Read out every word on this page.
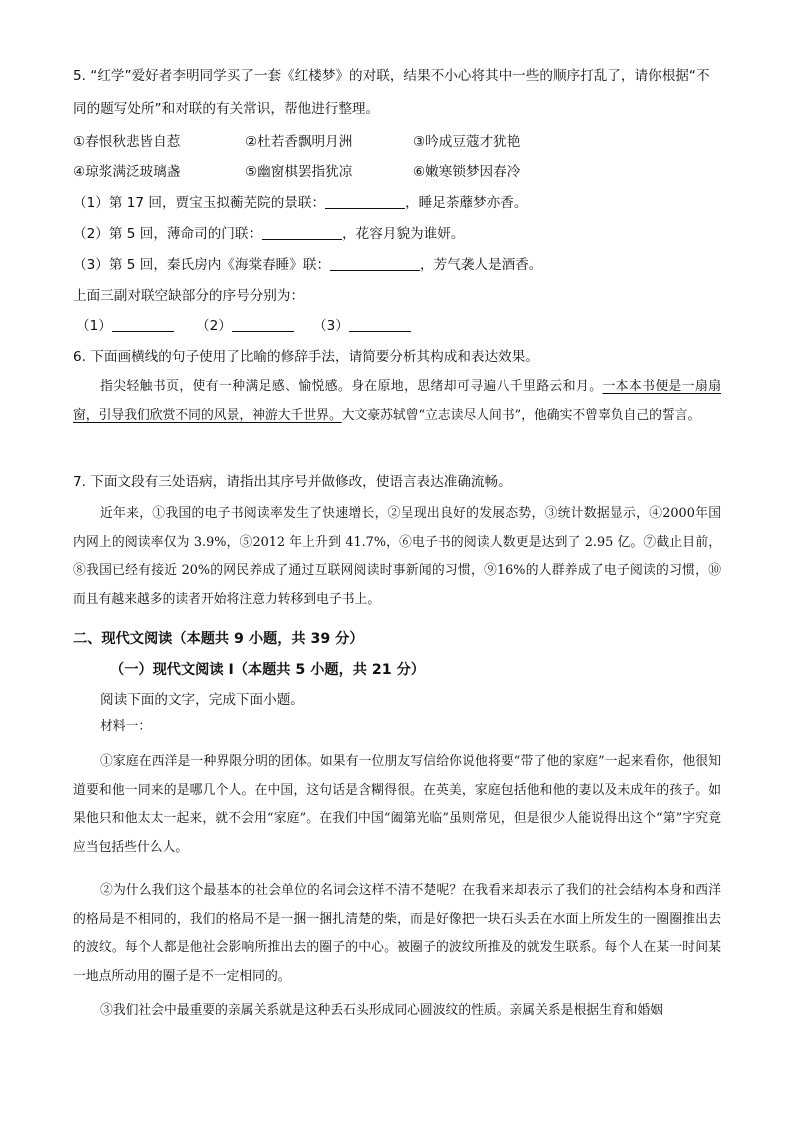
5. “红学”爱好者李明同学买了一套《红楼梦》的对联，结果不小心将其中一些的顺序打乱了，请你根据“不
同的题写处所”和对联的有关常识，帮他进行整理。
①春恨秋悲皆自惹	②杜若香飘明月洲	③吟成豆蔻才犹艳
④琼浆满泛玻璃盏	⑤幽窗棋罢指犹凉	⑥嫩寒锁梦因春冷
（1）第 17 回，贾宝玉拟蘅芜院的景联：	，睡足荼蘼梦亦香。
（2）第 5 回，薄命司的门联：	，花容月貌为谁妍。
（3）第 5 回，秦氏房内《海棠春睡》联：	，芳气袭人是酒香。
上面三副对联空缺部分的序号分别为：
（1）	（2）	（3）
6. 下面画横线的句子使用了比喻的修辞手法，请简要分析其构成和表达效果。
指尖轻触书页，使有一种满足感、愉悦感。身在原地，思绪却可寻遍八千里路云和月。一本本书便是一扇扇窗，引导我们欣赏不同的风景，神游大千世界。大文豪苏轼曾“立志读尽人间书”，他确实不曾辜负自己的誓言。
7. 下面文段有三处语病，请指出其序号并做修改，使语言表达准确流畅。
近年来，①我国的电子书阅读率发生了快速增长，②呈现出良好的发展态势，③统计数据显示，④2000年国内网上的阅读率仅为 3.9%，⑤2012 年上升到 41.7%，⑥电子书的阅读人数更是达到了 2.95 亿。⑦截止目前，⑧我国已经有接近 20%的网民养成了通过互联网阅读时事新闻的习惯，⑨16%的人群养成了电子阅读的习惯，⑩而且有越来越多的读者开始将注意力转移到电子书上。
二、现代文阅读（本题共 9 小题，共 39 分）
（一）现代文阅读 I（本题共 5 小题，共 21 分）
阅读下面的文字，完成下面小题。
材料一：
①家庭在西洋是一种界限分明的团体。如果有一位朋友写信给你说他将要“带了他的家庭”一起来看你，他很知道要和他一同来的是哪几个人。在中国，这句话是含糊得很。在英美，家庭包括他和他的妻以及未成年的孩子。如果他只和他太太一起来，就不会用“家庭”。在我们中国“阖第光临”虽则常见，但是很少人能说得出这个“第”字究竟应当包括些什么人。
②为什么我们这个最基本的社会单位的名词会这样不清不楚呢？在我看来却表示了我们的社会结构本身和西洋的格局是不相同的，我们的格局不是一捆一捆扎清楚的柴，而是好像把一块石头丢在水面上所发生的一圈圈推出去的波纹。每个人都是他社会影响所推出去的圈子的中心。被圈子的波纹所推及的就发生联系。每个人在某一时间某一地点所动用的圈子是不一定相同的。
③我们社会中最重要的亲属关系就是这种丢石头形成同心圆波纹的性质。亲属关系是根据生育和婚姻
